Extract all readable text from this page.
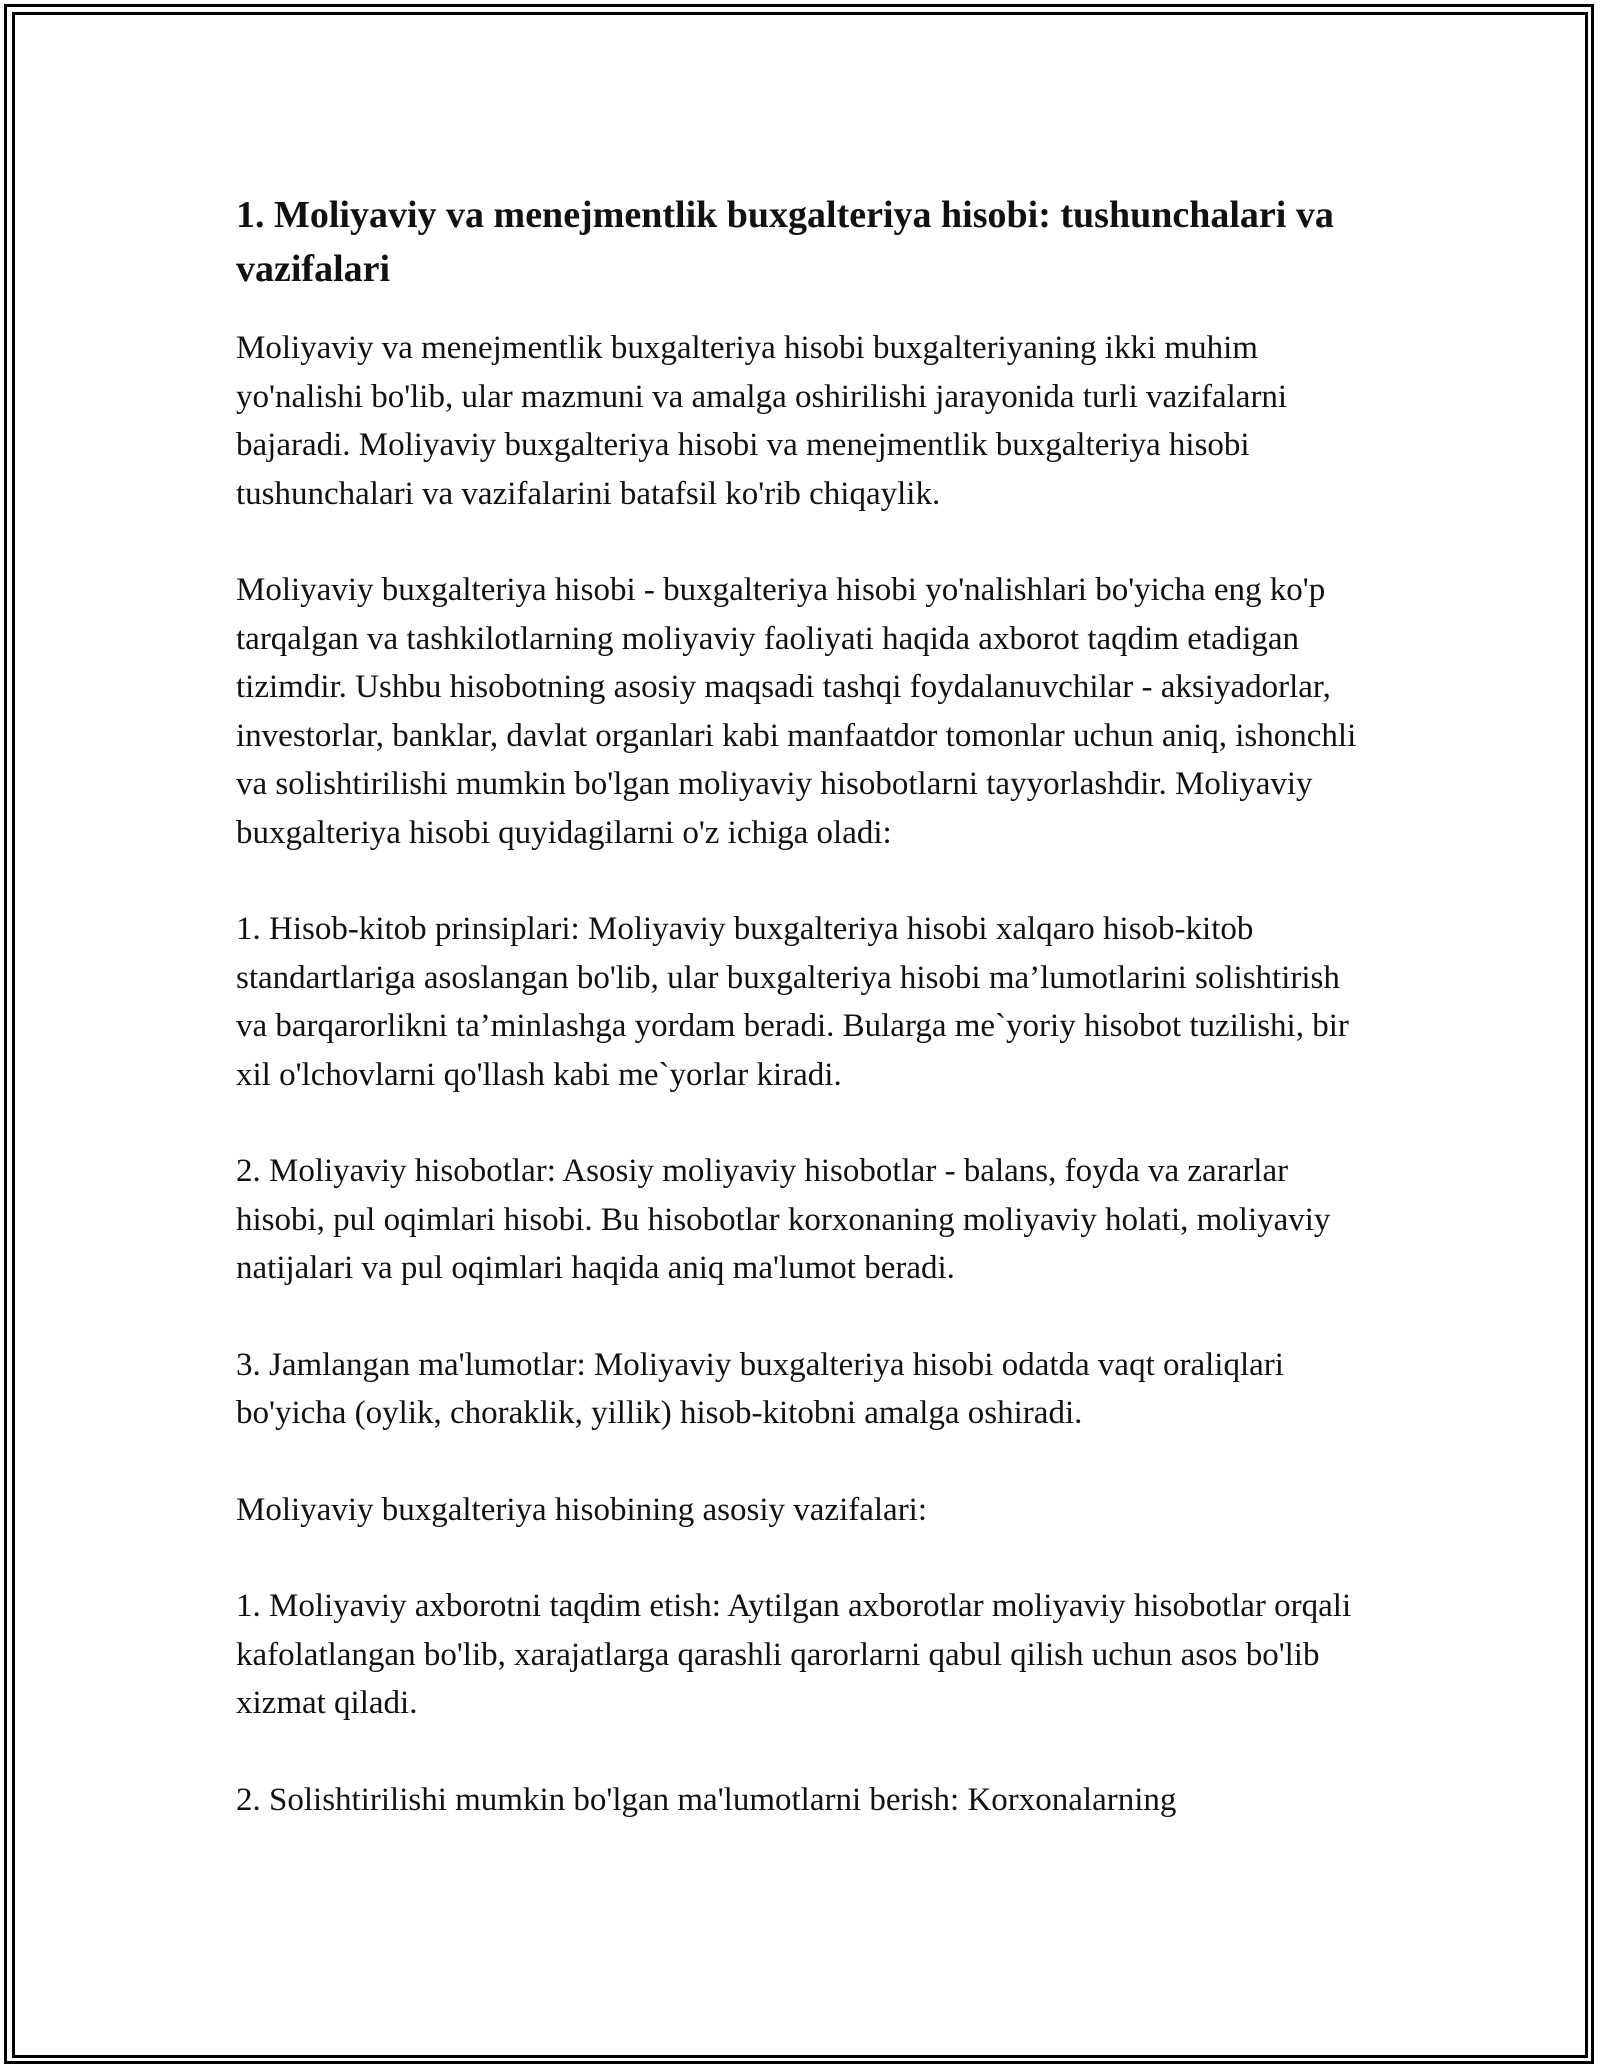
1. Moliyaviy va menejmentlik buxgalteriya hisobi: tushunchalari va vazifalari

Moliyaviy va menejmentlik buxgalteriya hisobi buxgalteriyaning ikki muhim yo'nalishi bo'lib, ular mazmuni va amalga oshirilishi jarayonida turli vazifalarni bajaradi. Moliyaviy buxgalteriya hisobi va menejmentlik buxgalteriya hisobi tushunchalari va vazifalarini batafsil ko'rib chiqaylik.

Moliyaviy buxgalteriya hisobi - buxgalteriya hisobi yo'nalishlari bo'yicha eng ko'p tarqalgan va tashkilotlarning moliyaviy faoliyati haqida axborot taqdim etadigan tizimdir. Ushbu hisobotning asosiy maqsadi tashqi foydalanuvchilar - aksiyadorlar, investorlar, banklar, davlat organlari kabi manfaatdor tomonlar uchun aniq, ishonchli va solishtirilishi mumkin bo'lgan moliyaviy hisobotlarni tayyorlashdir. Moliyaviy buxgalteriya hisobi quyidagilarni o'z ichiga oladi:

1. Hisob-kitob prinsiplari: Moliyaviy buxgalteriya hisobi xalqaro hisob-kitob standartlariga asoslangan bo'lib, ular buxgalteriya hisobi ma’lumotlarini solishtirish va barqarorlikni ta’minlashga yordam beradi. Bularga me`yoriy hisobot tuzilishi, bir xil o'lchovlarni qo'llash kabi me`yorlar kiradi.

2. Moliyaviy hisobotlar: Asosiy moliyaviy hisobotlar - balans, foyda va zararlar hisobi, pul oqimlari hisobi. Bu hisobotlar korxonaning moliyaviy holati, moliyaviy natijalari va pul oqimlari haqida aniq ma'lumot beradi.

3. Jamlangan ma'lumotlar: Moliyaviy buxgalteriya hisobi odatda vaqt oraliqlari bo'yicha (oylik, choraklik, yillik) hisob-kitobni amalga oshiradi.

Moliyaviy buxgalteriya hisobining asosiy vazifalari:

1. Moliyaviy axborotni taqdim etish: Aytilgan axborotlar moliyaviy hisobotlar orqali kafolatlangan bo'lib, xarajatlarga qarashli qarorlarni qabul qilish uchun asos bo'lib xizmat qiladi.

2. Solishtirilishi mumkin bo'lgan ma'lumotlarni berish: Korxonalarning
